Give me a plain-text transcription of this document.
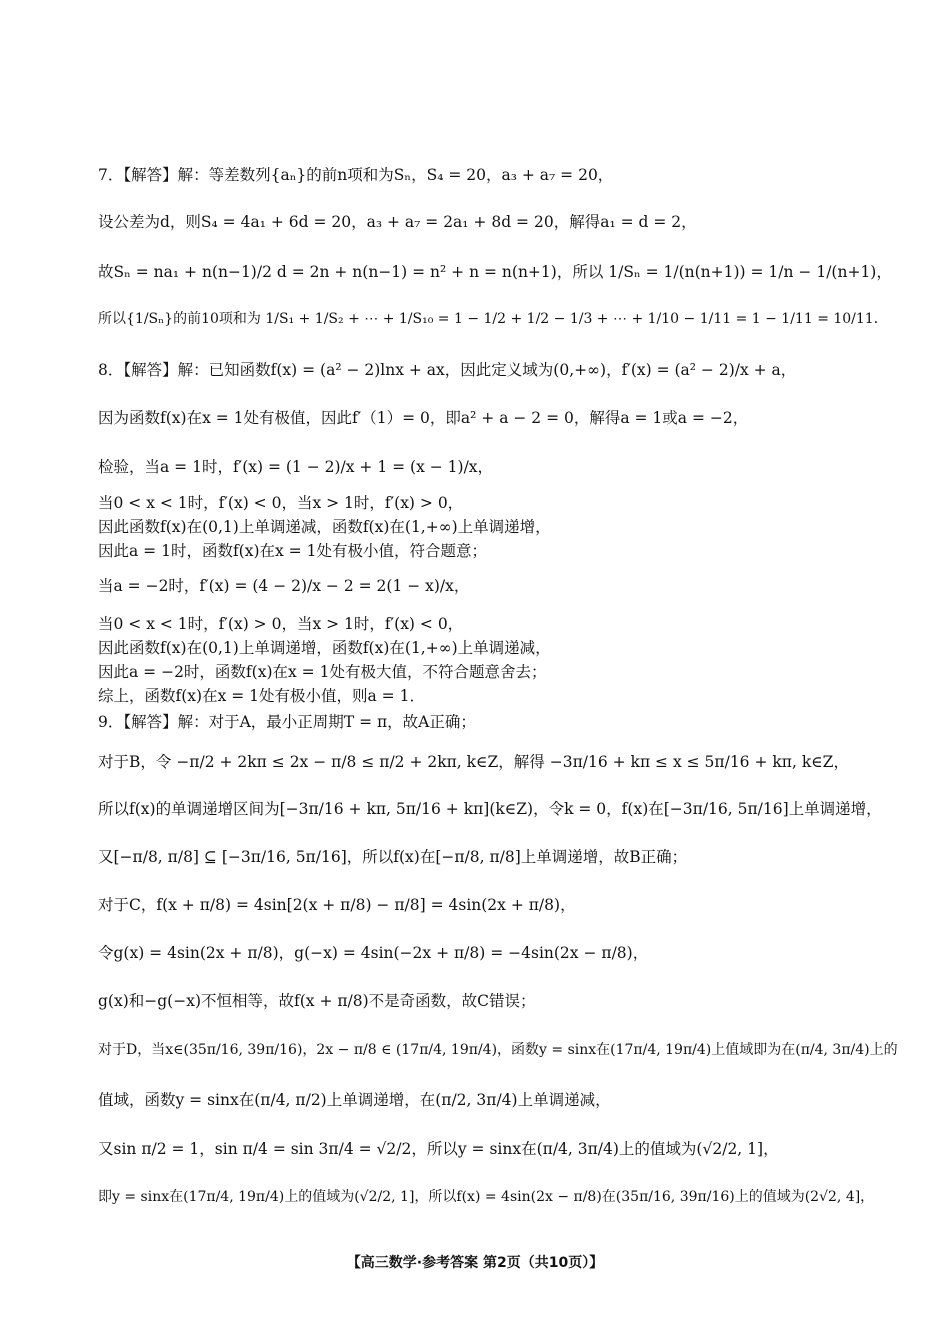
7．【解答】解：等差数列{aₙ}的前n项和为Sₙ，S₄ = 20，a₃ + a₇ = 20，
设公差为d，则S₄ = 4a₁ + 6d = 20，a₃ + a₇ = 2a₁ + 8d = 20，解得a₁ = d = 2，
故Sₙ = na₁ + n(n−1)/2 d = 2n + n(n−1) = n² + n = n(n+1)，所以 1/Sₙ = 1/(n(n+1)) = 1/n − 1/(n+1)，
所以{1/Sₙ}的前10项和为 1/S₁ + 1/S₂ + ⋯ + 1/S₁₀ = 1 − 1/2 + 1/2 − 1/3 + ⋯ + 1/10 − 1/11 = 1 − 1/11 = 10/11．
8．【解答】解：已知函数f(x) = (a² − 2)lnx + ax，因此定义域为(0,+∞)，f′(x) = (a² − 2)/x + a，
因为函数f(x)在x = 1处有极值，因此f′（1）= 0，即a² + a − 2 = 0，解得a = 1或a = −2，
检验，当a = 1时，f′(x) = (1 − 2)/x + 1 = (x − 1)/x，
当0 < x < 1时，f′(x) < 0，当x > 1时，f′(x) > 0，
因此函数f(x)在(0,1)上单调递减，函数f(x)在(1,+∞)上单调递增，
因此a = 1时，函数f(x)在x = 1处有极小值，符合题意；
当a = −2时，f′(x) = (4 − 2)/x − 2 = 2(1 − x)/x，
当0 < x < 1时，f′(x) > 0，当x > 1时，f′(x) < 0，
因此函数f(x)在(0,1)上单调递增，函数f(x)在(1,+∞)上单调递减，
因此a = −2时，函数f(x)在x = 1处有极大值，不符合题意舍去；
综上，函数f(x)在x = 1处有极小值，则a = 1．
9．【解答】解：对于A，最小正周期T = π，故A正确；
对于B，令 −π/2 + 2kπ ≤ 2x − π/8 ≤ π/2 + 2kπ, k∈Z，解得 −3π/16 + kπ ≤ x ≤ 5π/16 + kπ, k∈Z，
所以f(x)的单调递增区间为[−3π/16 + kπ, 5π/16 + kπ](k∈Z)，令k = 0，f(x)在[−3π/16, 5π/16]上单调递增，
又[−π/8, π/8] ⊆ [−3π/16, 5π/16]，所以f(x)在[−π/8, π/8]上单调递增，故B正确；
对于C，f(x + π/8) = 4sin[2(x + π/8) − π/8] = 4sin(2x + π/8)，
令g(x) = 4sin(2x + π/8)，g(−x) = 4sin(−2x + π/8) = −4sin(2x − π/8)，
g(x)和−g(−x)不恒相等，故f(x + π/8)不是奇函数，故C错误；
对于D，当x∈(35π/16, 39π/16)，2x − π/8 ∈ (17π/4, 19π/4)，函数y = sinx在(17π/4, 19π/4)上值域即为在(π/4, 3π/4)上的
值域，函数y = sinx在(π/4, π/2)上单调递增，在(π/2, 3π/4)上单调递减，
又sin π/2 = 1，sin π/4 = sin 3π/4 = √2/2，所以y = sinx在(π/4, 3π/4)上的值域为(√2/2, 1]，
即y = sinx在(17π/4, 19π/4)上的值域为(√2/2, 1]，所以f(x) = 4sin(2x − π/8)在(35π/16, 39π/16)上的值域为(2√2, 4]，
【高三数学·参考答案 第2页（共10页）】
